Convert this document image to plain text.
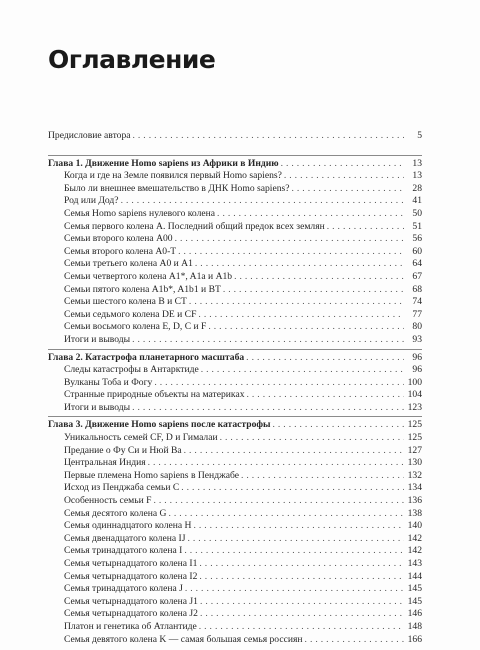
Оглавление
Предисловие автора . . .	5
Глава 1. Движение Homo sapiens из Африки в Индию . . .	13
Когда и где на Земле появился первый Homo sapiens? . . .	13
Было ли внешнее вмешательство в ДНК Homo sapiens? . . .	28
Род или Дод? . . .	41
Семья Homo sapiens нулевого колена . . .	50
Семья первого колена A. Последний общий предок всех землян . . .	51
Семьи второго колена A00 . . .	56
Семья второго колена A0-T . . .	60
Семьи третьего колена A0 и A1 . . .	64
Семьи четвертого колена A1*, A1a и A1b . . .	67
Семьи пятого колена A1b*, A1b1 и BT . . .	68
Семьи шестого колена B и CT . . .	74
Семьи седьмого колена DE и CF . . .	77
Семьи восьмого колена E, D, C и F . . .	80
Итоги и выводы . . .	93
Глава 2. Катастрофа планетарного масштаба . . .	96
Следы катастрофы в Антарктиде . . .	96
Вулканы Тоба и Фогу . . .	100
Странные природные объекты на материках . . .	104
Итоги и выводы . . .	123
Глава 3. Движение Homo sapiens после катастрофы . . .	125
Уникальность семей CF, D и Гималаи . . .	125
Предание о Фу Си и Нюй Ва . . .	127
Центральная Индия . . .	130
Первые племена Homo sapiens в Пенджабе . . .	132
Исход из Пенджаба семьи C . . .	134
Особенность семьи F . . .	136
Семья десятого колена G . . .	138
Семья одиннадцатого колена H . . .	140
Семья двенадцатого колена IJ . . .	142
Семья тринадцатого колена I . . .	142
Семья четырнадцатого колена I1 . . .	143
Семья четырнадцатого колена I2 . . .	144
Семья тринадцатого колена J . . .	145
Семья четырнадцатого колена J1 . . .	145
Семья четырнадцатого колена J2 . . .	146
Платон и генетика об Атлантиде . . .	148
Семья девятого колена K — самая большая семья россиян . . .	166
